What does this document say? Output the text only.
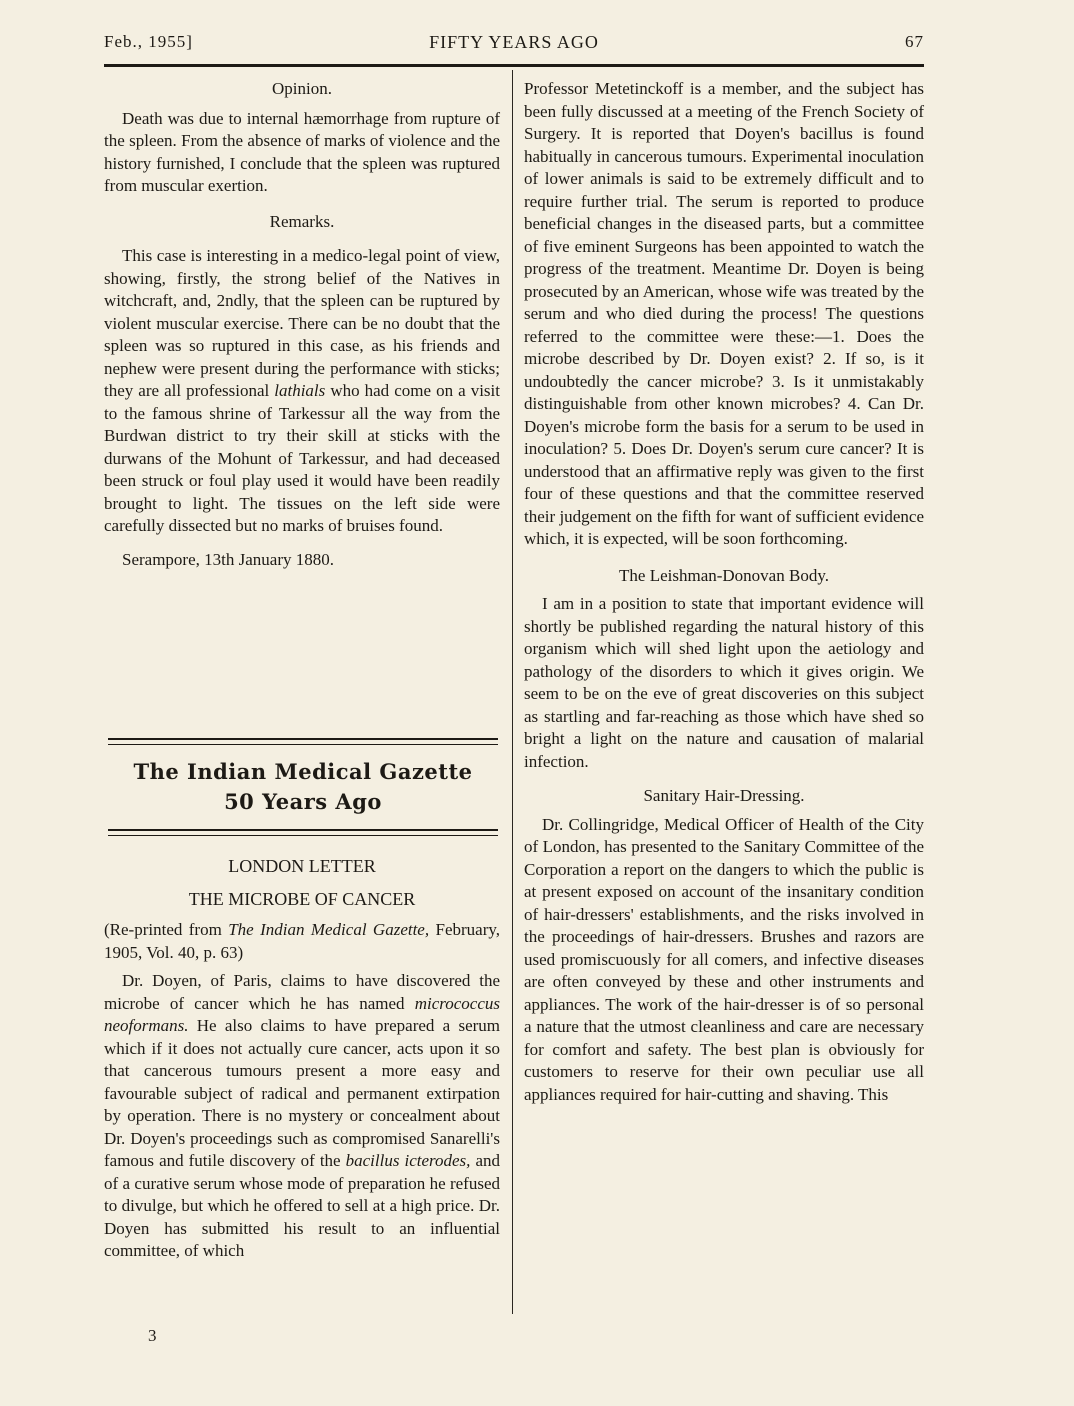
Feb., 1955]	FIFTY YEARS AGO	67

Opinion.

Death was due to internal hæmorrhage from rupture of the spleen. From the absence of marks of violence and the history furnished, I conclude that the spleen was ruptured from muscular exertion.

Remarks.

This case is interesting in a medico-legal point of view, showing, firstly, the strong belief of the Natives in witchcraft, and, 2ndly, that the spleen can be ruptured by violent muscular exercise. There can be no doubt that the spleen was so ruptured in this case, as his friends and nephew were present during the performance with sticks; they are all professional lathials who had come on a visit to the famous shrine of Tarkessur all the way from the Burdwan district to try their skill at sticks with the durwans of the Mohunt of Tarkessur, and had deceased been struck or foul play used it would have been readily brought to light. The tissues on the left side were carefully dissected but no marks of bruises found.

Serampore, 13th January 1880.

The Indian Medical Gazette
50 Years Ago

LONDON LETTER

THE MICROBE OF CANCER

(Re-printed from The Indian Medical Gazette, February, 1905, Vol. 40, p. 63)

Dr. Doyen, of Paris, claims to have discovered the microbe of cancer which he has named micrococcus neoformans. He also claims to have prepared a serum which if it does not actually cure cancer, acts upon it so that cancerous tumours present a more easy and favourable subject of radical and permanent extirpation by operation. There is no mystery or concealment about Dr. Doyen's proceedings such as compromised Sanarelli's famous and futile discovery of the bacillus icterodes, and of a curative serum whose mode of preparation he refused to divulge, but which he offered to sell at a high price. Dr. Doyen has submitted his result to an influential committee, of which

3

Professor Metetinckoff is a member, and the subject has been fully discussed at a meeting of the French Society of Surgery. It is reported that Doyen's bacillus is found habitually in cancerous tumours. Experimental inoculation of lower animals is said to be extremely difficult and to require further trial. The serum is reported to produce beneficial changes in the diseased parts, but a committee of five eminent Surgeons has been appointed to watch the progress of the treatment. Meantime Dr. Doyen is being prosecuted by an American, whose wife was treated by the serum and who died during the process! The questions referred to the committee were these:—1. Does the microbe described by Dr. Doyen exist? 2. If so, is it undoubtedly the cancer microbe? 3. Is it unmistakably distinguishable from other known microbes? 4. Can Dr. Doyen's microbe form the basis for a serum to be used in inoculation? 5. Does Dr. Doyen's serum cure cancer? It is understood that an affirmative reply was given to the first four of these questions and that the committee reserved their judgement on the fifth for want of sufficient evidence which, it is expected, will be soon forthcoming.

The Leishman-Donovan Body.

I am in a position to state that important evidence will shortly be published regarding the natural history of this organism which will shed light upon the aetiology and pathology of the disorders to which it gives origin. We seem to be on the eve of great discoveries on this subject as startling and far-reaching as those which have shed so bright a light on the nature and causation of malarial infection.

Sanitary Hair-Dressing.

Dr. Collingridge, Medical Officer of Health of the City of London, has presented to the Sanitary Committee of the Corporation a report on the dangers to which the public is at present exposed on account of the insanitary condition of hair-dressers' establishments, and the risks involved in the proceedings of hair-dressers. Brushes and razors are used promiscuously for all comers, and infective diseases are often conveyed by these and other instruments and appliances. The work of the hair-dresser is of so personal a nature that the utmost cleanliness and care are necessary for comfort and safety. The best plan is obviously for customers to reserve for their own peculiar use all appliances required for hair-cutting and shaving. This
